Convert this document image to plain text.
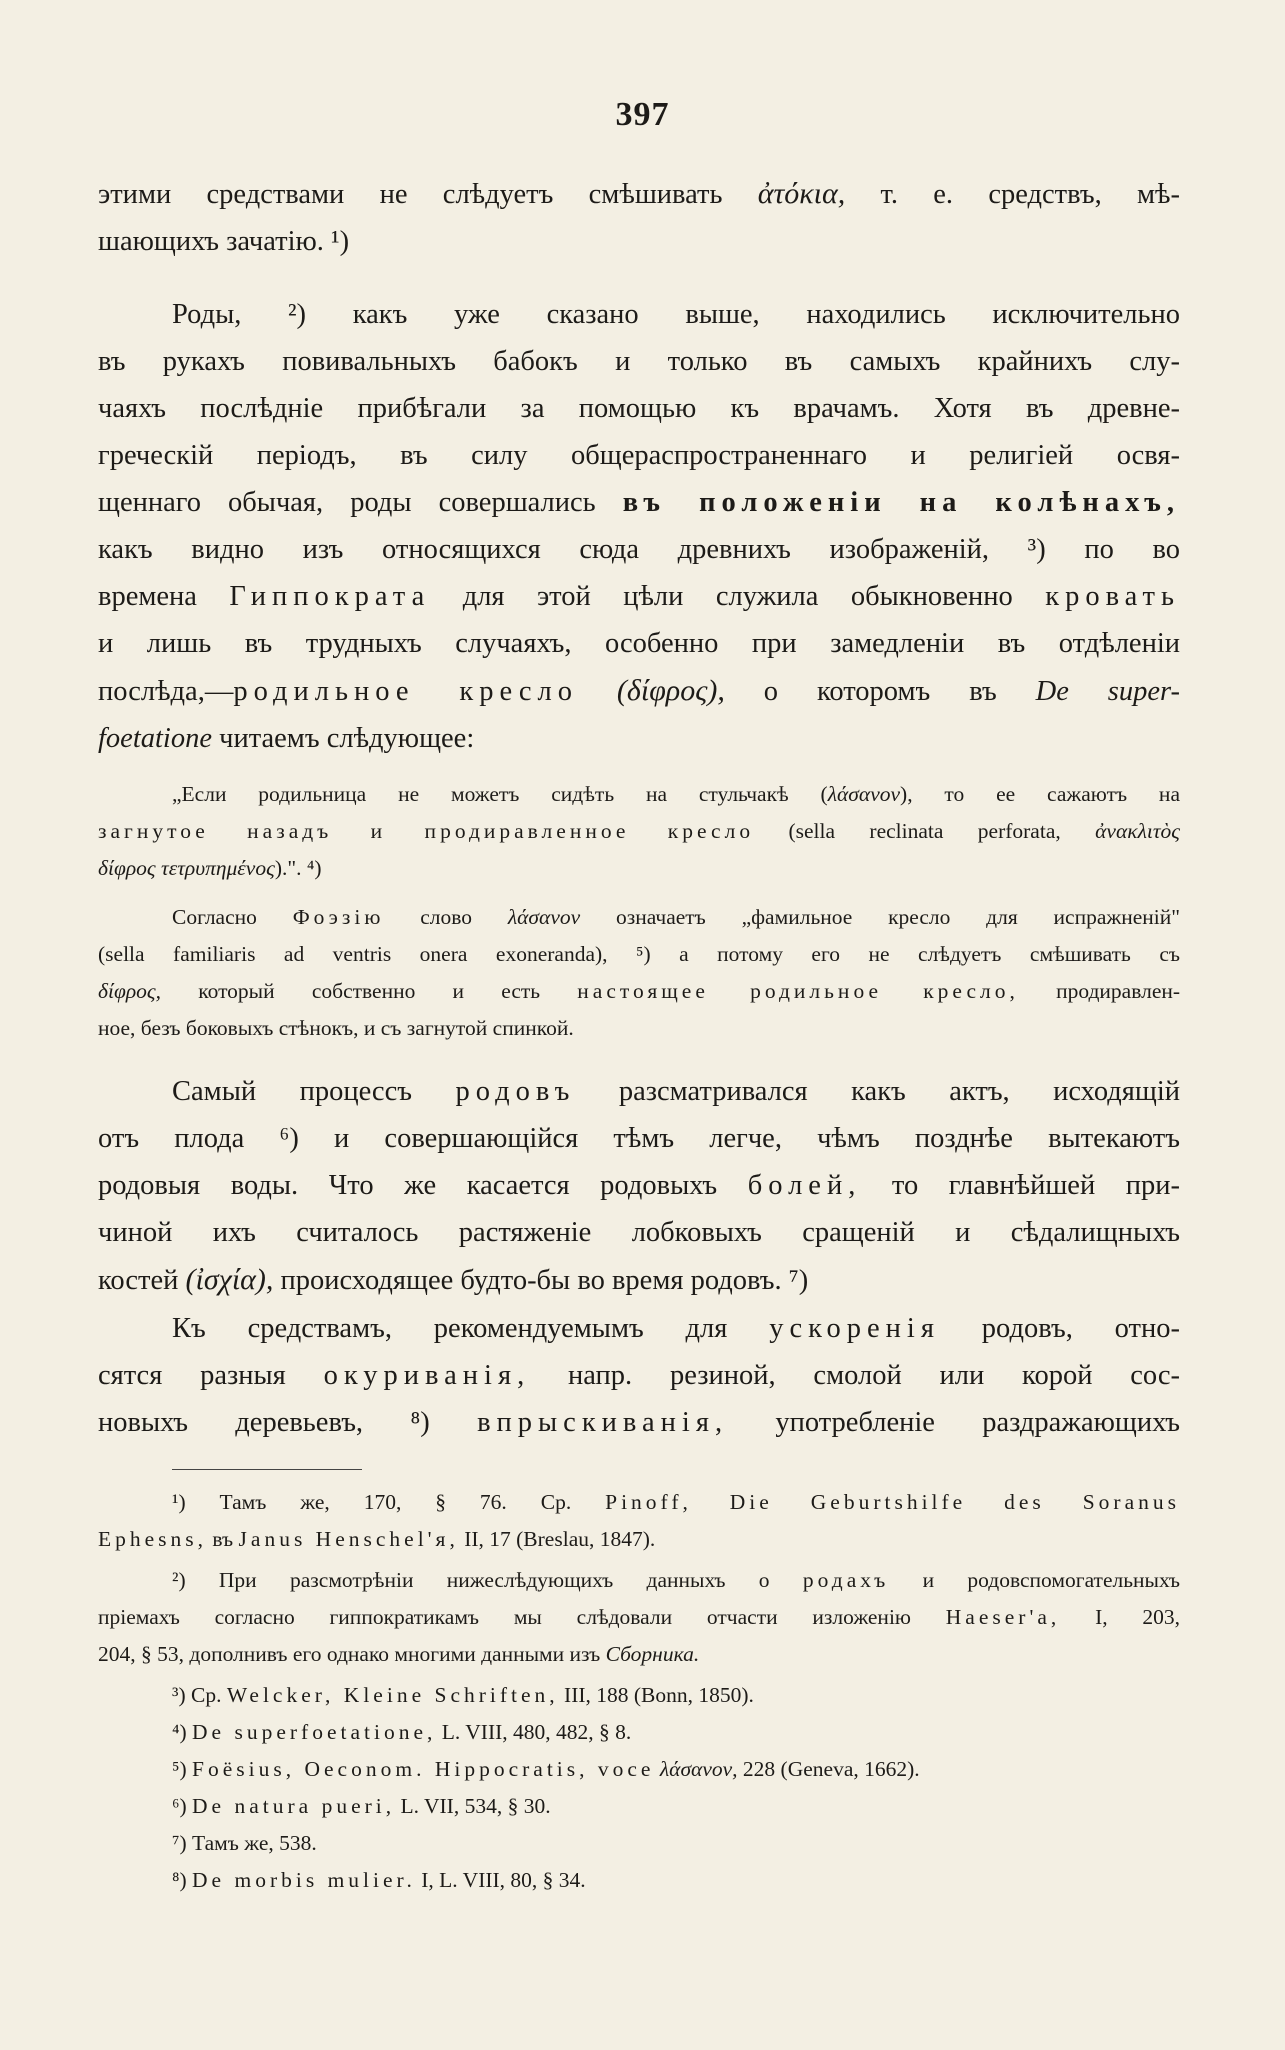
397
этими средствами не слѣдуетъ смѣшивать ἀτόκια, т. е. средствъ, мѣ-
шающихъ зачатію. ¹)
Роды, ²) какъ уже сказано выше, находились исключительно
въ рукахъ повивальныхъ бабокъ и только въ самыхъ крайнихъ слу-
чаяхъ послѣдніе прибѣгали за помощью къ врачамъ. Хотя въ древне-
греческій періодъ, въ силу общераспространеннаго и религіей освя-
щеннаго обычая, роды совершались въ положеніи на колѣнахъ,
какъ видно изъ относящихся сюда древнихъ изображеній, ³) по во
времена Гиппократа для этой цѣли служила обыкновенно кровать
и лишь въ трудныхъ случаяхъ, особенно при замедленіи въ отдѣленіи
послѣда,—родильное кресло (δίφρος), о которомъ въ De super-
foetatione читаемъ слѣдующее:
„Если родильница не можетъ сидѣть на стульчакѣ (λάσανον), то ее сажаютъ на
загнутое назадъ и продиравленное кресло (sella reclinata perforata, ἀνακλιτὸς
δίφρος τετρυπημένος).". ⁴)
Согласно Фоэзію слово λάσανον означаетъ „фамильное кресло для испражненій"
(sella familiaris ad ventris onera exoneranda), ⁵) а потому его не слѣдуетъ смѣшивать съ
δίφρος, который собственно и есть настоящее родильное кресло, продиравлен-
ное, безъ боковыхъ стѣнокъ, и съ загнутой спинкой.
Самый процессъ родовъ разсматривался какъ актъ, исходящій
отъ плода ⁶) и совершающійся тѣмъ легче, чѣмъ позднѣе вытекаютъ
родовыя воды. Что же касается родовыхъ болей, то главнѣйшей при-
чиной ихъ считалось растяженіе лобковыхъ сращеній и сѣдалищныхъ
костей (ἰσχία), происходящее будто-бы во время родовъ. ⁷)
Къ средствамъ, рекомендуемымъ для ускоренія родовъ, отно-
сятся разныя окуриванія, напр. резиной, смолой или корой сос-
новыхъ деревьевъ, ⁸) впрыскиванія, употребленіе раздражающихъ
¹) Тамъ же, 170, § 76. Ср. Pinoff, Die Geburtshilfe des Soranus
Ephesns, въ Janus Henschel'я, II, 17 (Breslau, 1847).
²) При разсмотрѣніи нижеслѣдующихъ данныхъ о родахъ и родовспомогательныхъ
пріемахъ согласно гиппократикамъ мы слѣдовали отчасти изложенію Haeser'a, I, 203,
204, § 53, дополнивъ его однако многими данными изъ Сборника.
³) Ср. Welcker, Kleine Schriften, III, 188 (Bonn, 1850).
⁴) De superfoetatione, L. VIII, 480, 482, § 8.
⁵) Foësius, Oeconom. Hippocratis, voce λάσανον, 228 (Geneva, 1662).
⁶) De natura pueri, L. VII, 534, § 30.
⁷) Тамъ же, 538.
⁸) De morbis mulier. I, L. VIII, 80, § 34.
